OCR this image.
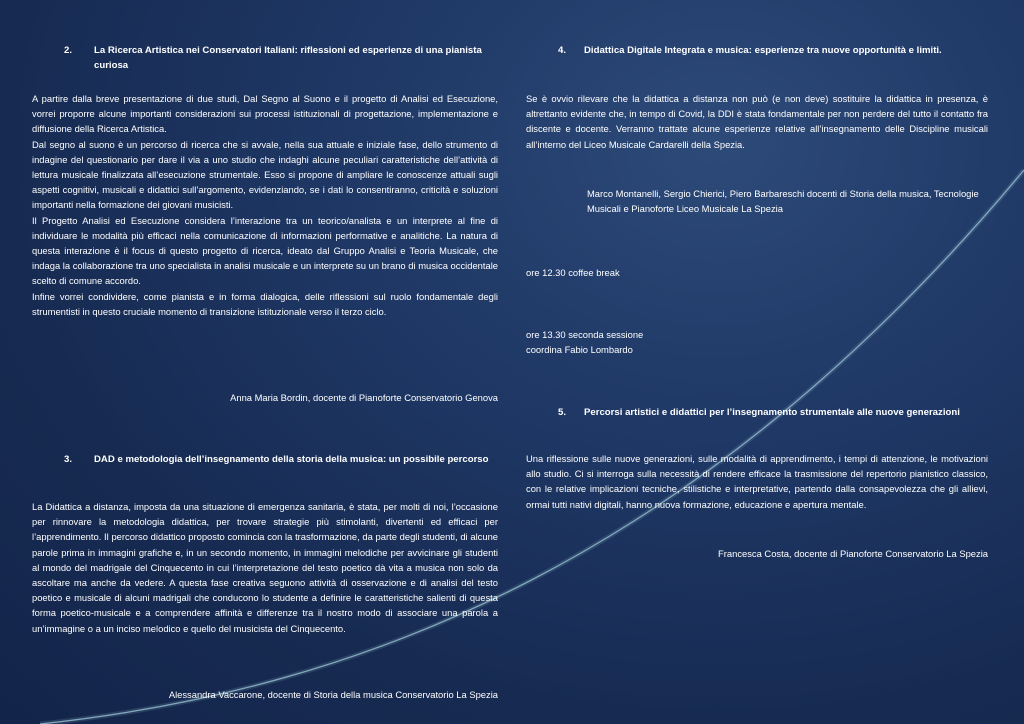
2.	La Ricerca Artistica nei Conservatori Italiani: riflessioni ed esperienze di una pianista curiosa

A partire dalla breve presentazione di due studi, Dal Segno al Suono e il progetto di Analisi ed Esecuzione, vorrei proporre alcune importanti considerazioni sui processi istituzionali di progettazione, implementazione e diffusione della Ricerca Artistica.

Dal segno al suono è un percorso di ricerca che si avvale, nella sua attuale e iniziale fase, dello strumento di indagine del questionario per dare il via a uno studio che indaghi alcune peculiari caratteristiche dell’attività di lettura musicale finalizzata all’esecuzione strumentale. Esso si propone di ampliare le conoscenze attuali sugli aspetti cognitivi, musicali e didattici sull’argomento, evidenziando, se i dati lo consentiranno, criticità e soluzioni importanti nella formazione dei giovani musicisti.

Il Progetto Analisi ed Esecuzione considera l’interazione tra un teorico/analista e un interprete al fine di individuare le modalità più efficaci nella comunicazione di informazioni performative e analitiche. La natura di questa interazione è il focus di questo progetto di ricerca, ideato dal Gruppo Analisi e Teoria Musicale, che indaga la collaborazione tra uno specialista in analisi musicale e un interprete su un brano di musica occidentale scelto di comune accordo.

Infine vorrei condividere, come pianista e in forma dialogica, delle riflessioni sul ruolo fondamentale degli strumentisti in questo cruciale momento di transizione istituzionale verso il terzo ciclo.

Anna Maria Bordin, docente di Pianoforte Conservatorio Genova

3.	DAD e metodologia dell’insegnamento della storia della musica: un possibile percorso

La Didattica a distanza, imposta da una situazione di emergenza sanitaria, è stata, per molti di noi, l’occasione per rinnovare la metodologia didattica, per trovare strategie più stimolanti, divertenti ed efficaci per l’apprendimento. Il percorso didattico proposto comincia con la trasformazione, da parte degli studenti, di alcune parole prima in immagini grafiche e, in un secondo momento, in immagini melodiche per avvicinare gli studenti al mondo del madrigale del Cinquecento in cui l’interpretazione del testo poetico dà vita a musica non solo da ascoltare ma anche da vedere. A questa fase creativa seguono attività di osservazione e di analisi del testo poetico e musicale di alcuni madrigali che conducono lo studente a definire le caratteristiche salienti di questa forma poetico-musicale e a comprendere affinità e differenze tra il nostro modo di associare una parola a un’immagine o a un inciso melodico e quello del musicista del Cinquecento.

Alessandra Vaccarone, docente di Storia della musica Conservatorio La Spezia

4.	Didattica Digitale Integrata e musica: esperienze tra nuove opportunità e limiti.

Se è ovvio rilevare che la didattica a distanza non può (e non deve) sostituire la didattica in presenza, è altrettanto evidente che, in tempo di Covid, la DDI è stata fondamentale per non perdere del tutto il contatto fra discente e docente. Verranno trattate alcune esperienze relative all’insegnamento delle Discipline musicali all’interno del Liceo Musicale Cardarelli della Spezia.

Marco Montanelli, Sergio Chierici, Piero Barbareschi docenti di Storia della musica, Tecnologie Musicali e Pianoforte Liceo Musicale La Spezia

ore 12.30 coffee break

ore 13.30 seconda sessione

coordina Fabio Lombardo

5.	Percorsi artistici e didattici per l’insegnamento strumentale alle nuove generazioni

Una riflessione sulle nuove generazioni, sulle modalità di apprendimento, i tempi di attenzione, le motivazioni allo studio. Ci si interroga sulla necessità di rendere efficace la trasmissione del repertorio pianistico classico, con le relative implicazioni tecniche, stilistiche e interpretative, partendo dalla consapevolezza che gli allievi, ormai tutti nativi digitali, hanno nuova formazione, educazione e apertura mentale.

Francesca Costa, docente di Pianoforte Conservatorio La Spezia
